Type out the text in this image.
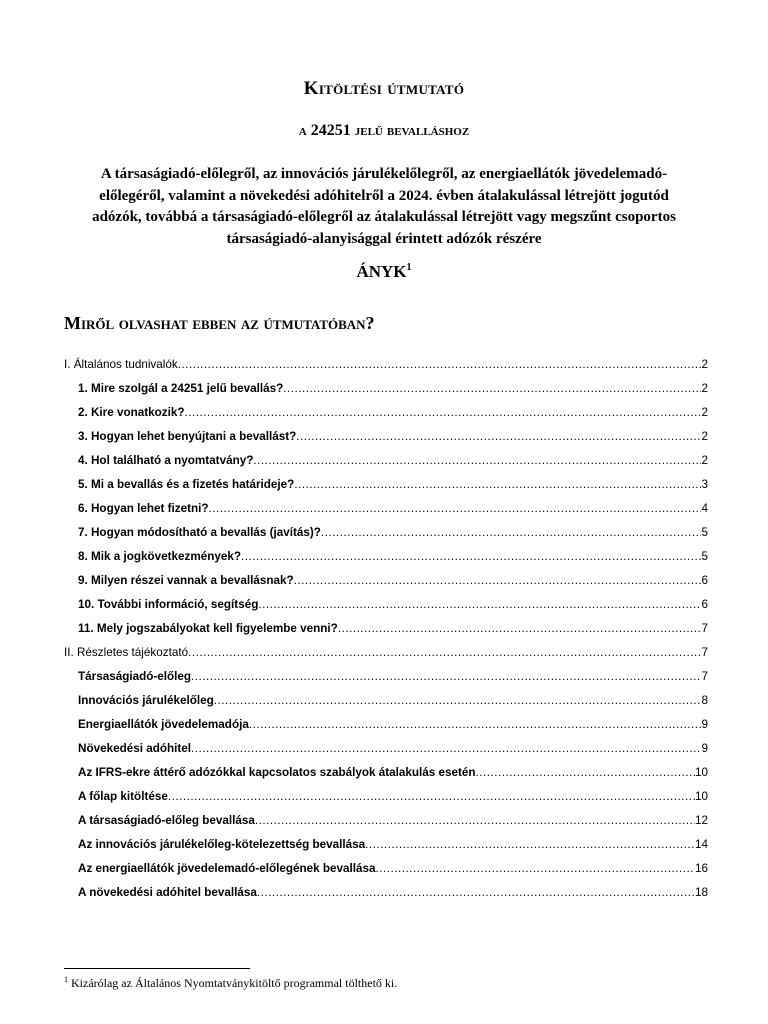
Kitöltési útmutató
a 24251 jelű bevalláshoz
A társaságiadó-előlegről, az innovációs járulékelőlegről, az energiaellátók jövedelemadó-előlegéről, valamint a növekedési adóhitelről a 2024. évben átalakulással létrejött jogutód adózók, továbbá a társaságiadó-előlegről az átalakulással létrejött vagy megszűnt csoportos társaságiadó-alanyisággal érintett adózók részére
ÁNYK$^1$
Miről olvashat ebben az útmutatóban?
I. Általános tudnivalók .....	2
1. Mire szolgál a 24251 jelű bevallás? .....	2
2. Kire vonatkozik? .....	2
3. Hogyan lehet benyújtani a bevallást? .....	2
4. Hol található a nyomtatvány? .....	2
5. Mi a bevallás és a fizetés határideje? .....	3
6. Hogyan lehet fizetni? .....	4
7. Hogyan módosítható a bevallás (javítás)? .....	5
8. Mik a jogkövetkezmények? .....	5
9. Milyen részei vannak a bevallásnak? .....	6
10. További információ, segítség .....	6
11. Mely jogszabályokat kell figyelembe venni? .....	7
II. Részletes tájékoztató .....	7
Társaságiadó-előleg .....	7
Innovációs járulékelőleg .....	8
Energiaellátók jövedelemadója .....	9
Növekedési adóhitel .....	9
Az IFRS-ekre áttérő adózókkal kapcsolatos szabályok átalakulás esetén .....	10
A főlap kitöltése .....	10
A társaságiadó-előleg bevallása .....	12
Az innovációs járulékelőleg-kötelezettség bevallása .....	14
Az energiaellátók jövedelemadó-előlegének bevallása .....	16
A növekedési adóhitel bevallása .....	18
$^1$ Kizárólag az Általános Nyomtatványkitöltő programmal tölthető ki.
